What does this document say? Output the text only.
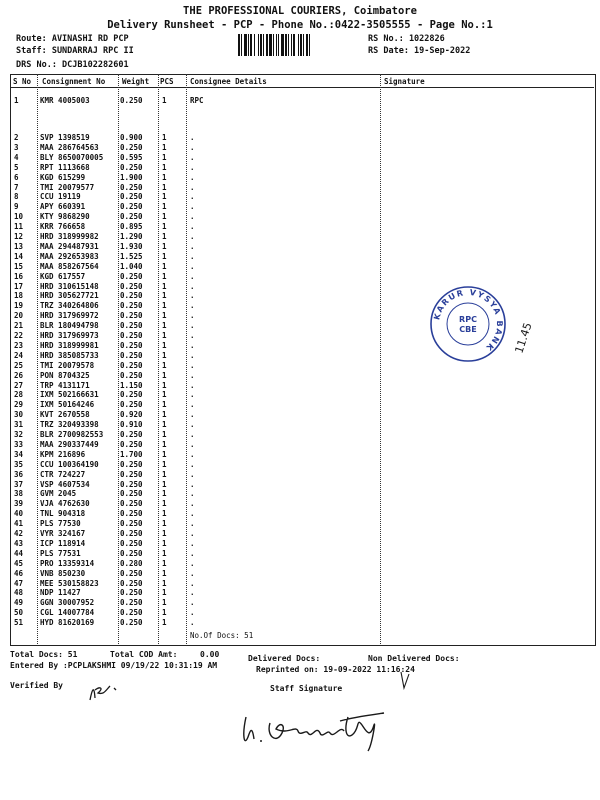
THE PROFESSIONAL COURIERS, Coimbatore
Delivery Runsheet - PCP - Phone No.:0422-3505555 - Page No.:1
Route: AVINASHI RD PCP
Staff: SUNDARRAJ RPC II
DRS No.: DCJB102282601
RS No.: 1022826
RS Date: 19-Sep-2022
S No Consignment No Weight PCS Consignee Details	Signature
1	KMR 4005003	0.250	1	RPC
2	SVP 1398519	0.900	1	.
3	MAA 286764563	0.250	1	.
4	BLY 8650070005 0.595	1	.
5	RPT 1113668	0.250	1	.
6	KGD 615299	1.900	1	.
7	TMI 20079577	0.250	1	.
8	CCU 19119	0.250	1	.
9	APY 660391	0.250	1	.
10 KTY 9868290	0.250	1	.
11 KRR 766658	0.895	1	.
12 HRD 318999982	1.290	1	.
13 MAA 294487931	1.930	1	.
14 MAA 292653983	1.525	1	.
15 MAA 858267564	1.040	1	.
16 KGD 617557	0.250	1	.
17 HRD 310615148	0.250	1	.
18 HRD 305627721	0.250	1	.
19 TRZ 340264806	0.250	1	.
20 HRD 317969972	0.250	1	.
21 BLR 180494798	0.250	1	.
22 HRD 317969973	0.250	1	.
23 HRD 318999981	0.250	1	.
24 HRD 385085733	0.250	1	.
25 TMI 20079578	0.250	1	.
26 PON 8704325	0.250	1	.
27 TRP 4131171	1.150	1	.
28 IXM 502166631	0.250	1	.
29 IXM 50164246	0.250	1	.
30 KVT 2670558	0.920	1	.
31 TRZ 320493398	0.910	1	.
32 BLR 2700982553 0.250	1	.
33 MAA 290337449	0.250	1	.
34 KPM 216896	1.700	1	.
35 CCU 100364190	0.250	1	.
36 CTR 724227	0.250	1	.
37 VSP 4607534	0.250	1	.
38 GVM 2045	0.250	1	.
39 VJA 4762630	0.250	1	.
40 TNL 904318	0.250	1	.
41 PLS 77530	0.250	1	.
42 VYR 324167	0.250	1	.
43 ICP 118914	0.250	1	.
44 PLS 77531	0.250	1	.
45 PRO 13359314	0.280	1	.
46 VNB 850230	0.250	1	.
47 MEE 530158823	0.250	1	.
48 NDP 11427	0.250	1	.
49 GGN 30007952	0.250	1	.
50 CGL 14007784	0.250	1	.
51 HYD 81620169	0.250	1	.
No.Of Docs: 51
Total Docs: 51	Total COD Amt:	0.00	Delivered Docs:	Non Delivered Docs:
Entered By :PCPLAKSHMI 09/19/22 10:31:19 AM	Reprinted on: 19-09-2022 11:16:24
Verified By	Staff Signature
KARUR VYSYA BANK
RPC
CBE	11.45
